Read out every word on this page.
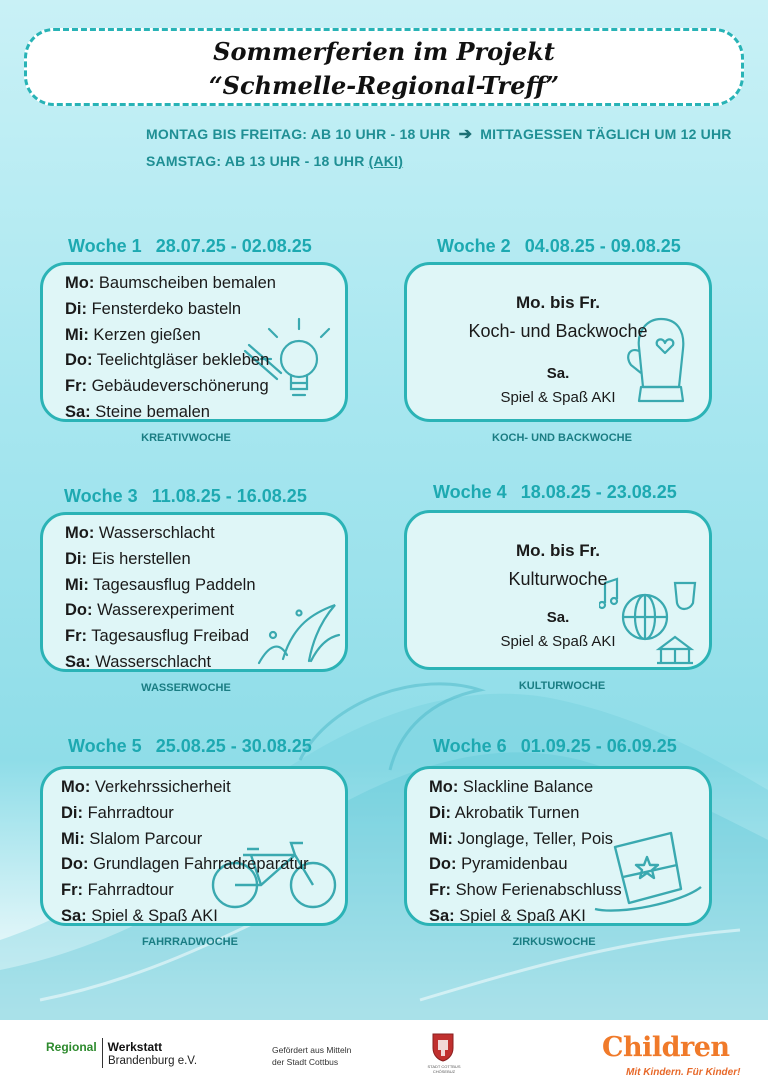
Sommerferien im Projekt
“Schmelle-Regional-Treff”
MONTAG BIS FREITAG: AB 10 UHR - 18 UHR ➔ MITTAGESSEN TÄGLICH UM 12 UHR
SAMSTAG: AB 13 UHR - 18 UHR (AKI)
Woche 1 28.07.25 - 02.08.25
Mo: Baumscheiben bemalen
Di: Fensterdeko basteln
Mi: Kerzen gießen
Do: Teelichtgläser bekleben
Fr: Gebäudeverschönerung
Sa: Steine bemalen
KREATIVWOCHE
Woche 2 04.08.25 - 09.08.25
Mo. bis Fr.
Koch- und Backwoche
Sa.
Spiel & Spaß AKI
KOCH- UND BACKWOCHE
Woche 3 11.08.25 - 16.08.25
Mo: Wasserschlacht
Di: Eis herstellen
Mi: Tagesausflug Paddeln
Do: Wasserexperiment
Fr: Tagesausflug Freibad
Sa: Wasserschlacht
WASSERWOCHE
Woche 4 18.08.25 - 23.08.25
Mo. bis Fr.
Kulturwoche
Sa.
Spiel & Spaß AKI
KULTURWOCHE
Woche 5 25.08.25 - 30.08.25
Mo: Verkehrssicherheit
Di: Fahrradtour
Mi: Slalom Parcour
Do: Grundlagen Fahrradreparatur
Fr: Fahrradtour
Sa: Spiel & Spaß AKI
FAHRRADWOCHE
Woche 6 01.09.25 - 06.09.25
Mo: Slackline Balance
Di: Akrobatik Turnen
Mi: Jonglage, Teller, Pois
Do: Pyramidenbau
Fr: Show Ferienabschluss
Sa: Spiel & Spaß AKI
ZIRKUSWOCHE
Regional Werkstatt
Brandenburg e.V.
Gefördert aus Mitteln
der Stadt Cottbus	STADT COTTBUS CHÓSEBUZ
Children
Mit Kindern. Für Kinder!
